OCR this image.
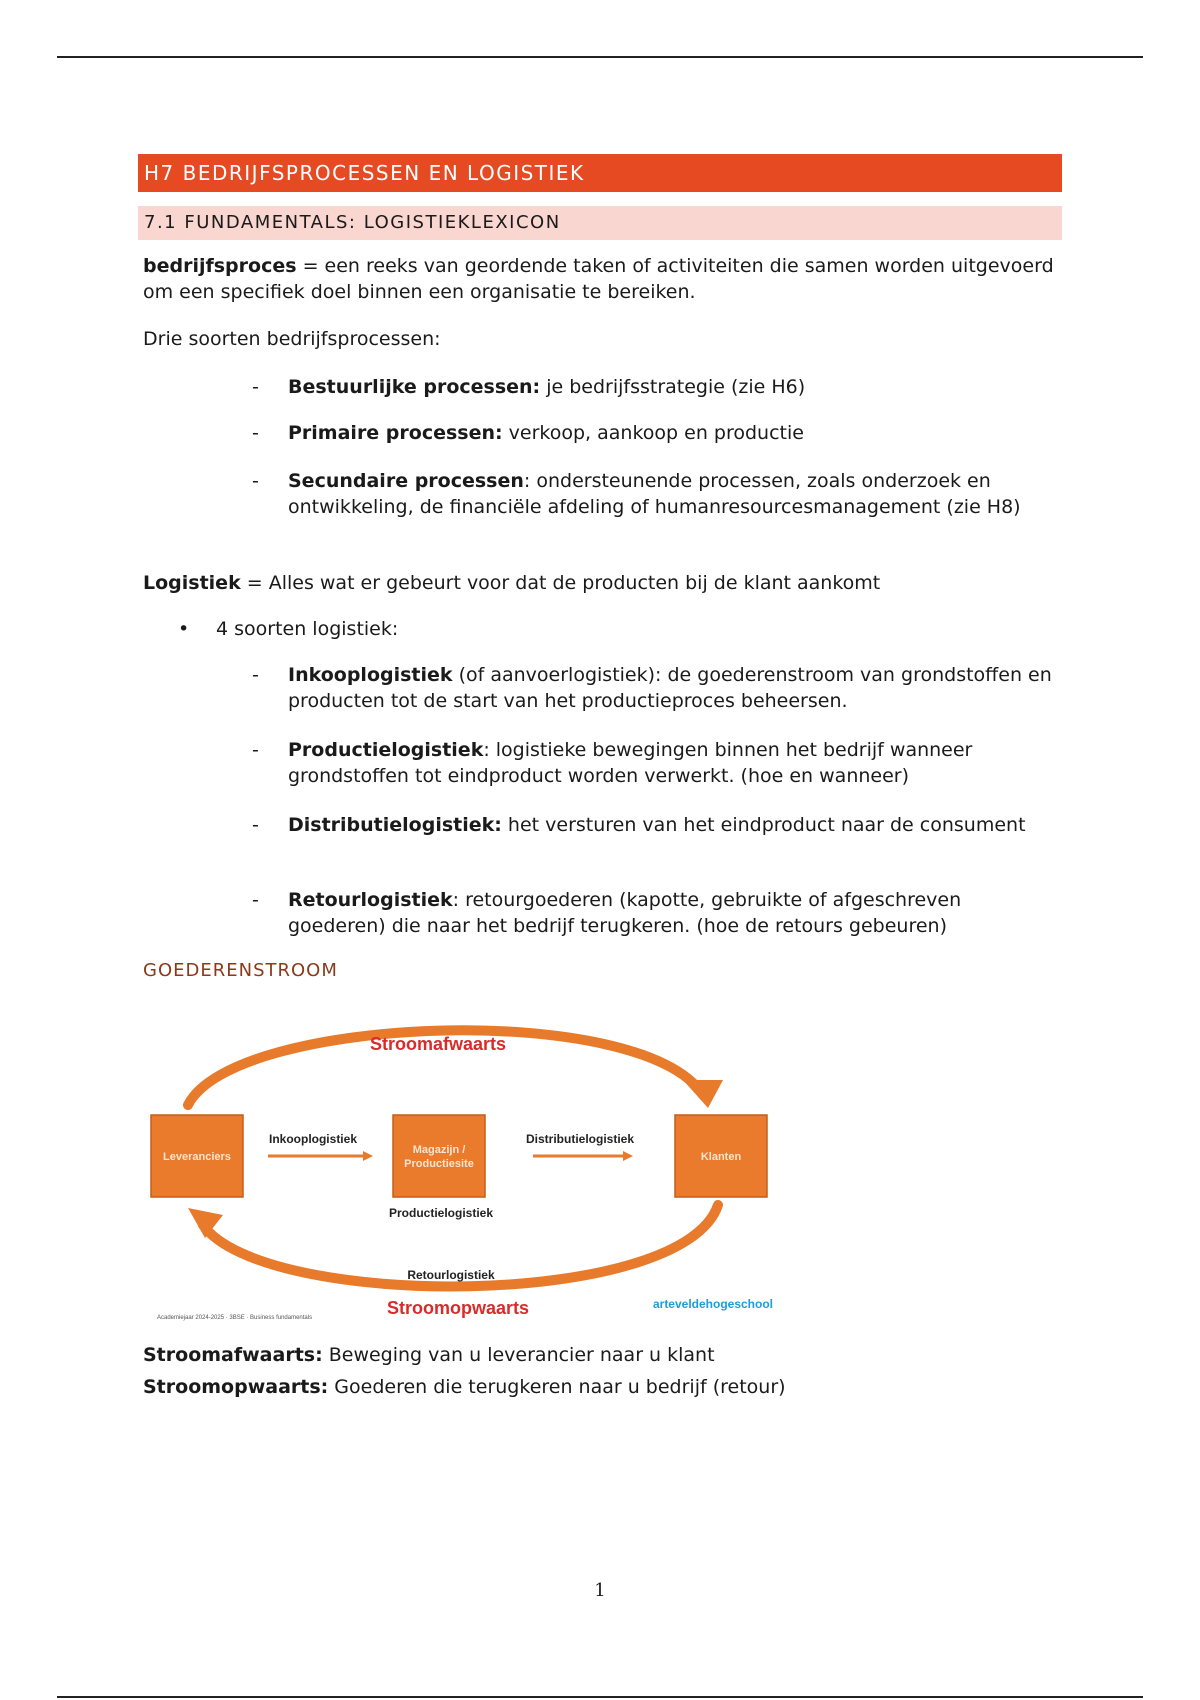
H7 BEDRIJFSPROCESSEN EN LOGISTIEK
7.1 FUNDAMENTALS: LOGISTIEKLEXICON

bedrijfsproces = een reeks van geordende taken of activiteiten die samen worden uitgevoerd om een specifiek doel binnen een organisatie te bereiken.

Drie soorten bedrijfsprocessen:

- Bestuurlijke processen: je bedrijfsstrategie (zie H6)
- Primaire processen: verkoop, aankoop en productie
- Secundaire processen: ondersteunende processen, zoals onderzoek en ontwikkeling, de financiële afdeling of humanresourcesmanagement (zie H8)

Logistiek = Alles wat er gebeurt voor dat de producten bij de klant aankomt

• 4 soorten logistiek:
- Inkooplogistiek (of aanvoerlogistiek): de goederenstroom van grondstoffen en producten tot de start van het productieproces beheersen.
- Productielogistiek: logistieke bewegingen binnen het bedrijf wanneer grondstoffen tot eindproduct worden verwerkt. (hoe en wanneer)
- Distributielogistiek: het versturen van het eindproduct naar de consument
- Retourlogistiek: retourgoederen (kapotte, gebruikte of afgeschreven goederen) die naar het bedrijf terugkeren. (hoe de retours gebeuren)
GOEDERENSTROOM

Stroomafwaarts: Beweging van u leverancier naar u klant

Stroomopwaarts: Goederen die terugkeren naar u bedrijf (retour)

Stroomafwaarts
Stroomopwaarts
Leveranciers
Magazijn /
Productiesite
Klanten
Inkooplogistiek	Distributielogistiek
Productielogistiek
Retourlogistiek
Academiejaar 2024-2025 · 3BSE · Business fundamentals
arteveldehogeschool
1
